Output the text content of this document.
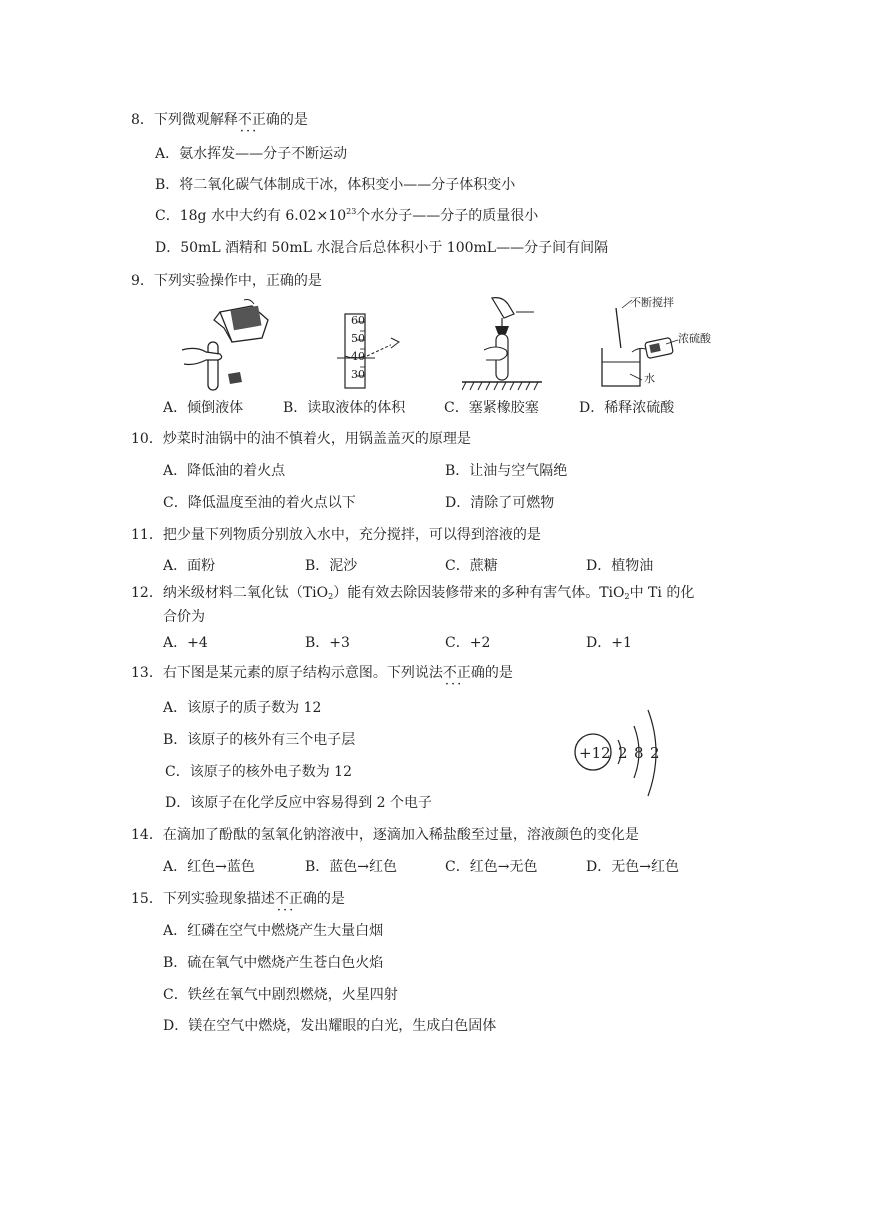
8．下列微观解释不正确 ···的是
A．氨水挥发——分子不断运动
B．将二氧化碳气体制成干冰，体积变小——分子体积变小
C．18g 水中大约有 $6.02\times 10^{23}$个水分子——分子的质量很小
D．50mL 酒精和 50mL 水混合后总体积小于 100mL——分子间有间隔
9．下列实验操作中，正确的是
60
50
40
30
不断搅拌
浓硫酸
水
A．倾倒液体	B．读取液体的体积	C．塞紧橡胶塞	D．稀释浓硫酸
10．炒菜时油锅中的油不慎着火，用锅盖盖灭的原理是
A．降低油的着火点	B．让油与空气隔绝
C．降低温度至油的着火点以下	D．清除了可燃物
11．把少量下列物质分别放入水中，充分搅拌，可以得到溶液的是
A．面粉	B．泥沙	C．蔗糖	D．植物油
12．纳米级材料二氧化钛（TiO$_2$）能有效去除因装修带来的多种有害气体。TiO$_2$中 Ti 的化
合价为
A．+4	B．+3	C．+2	D．+1
13．右下图是某元素的原子结构示意图。下列说法不正确 ···的是
A．该原子的质子数为 12
B．该原子的核外有三个电子层
C．该原子的核外电子数为 12
D．该原子在化学反应中容易得到 2 个电子
+12 2 8 2
14．在滴加了酚酞的氢氧化钠溶液中，逐滴加入稀盐酸至过量，溶液颜色的变化是
A．红色→蓝色	B．蓝色→红色	C．红色→无色	D．无色→红色
15．下列实验现象描述不正确 ···的是
A．红磷在空气中燃烧产生大量白烟
B．硫在氧气中燃烧产生苍白色火焰
C．铁丝在氧气中剧烈燃烧，火星四射
D．镁在空气中燃烧，发出耀眼的白光，生成白色固体
